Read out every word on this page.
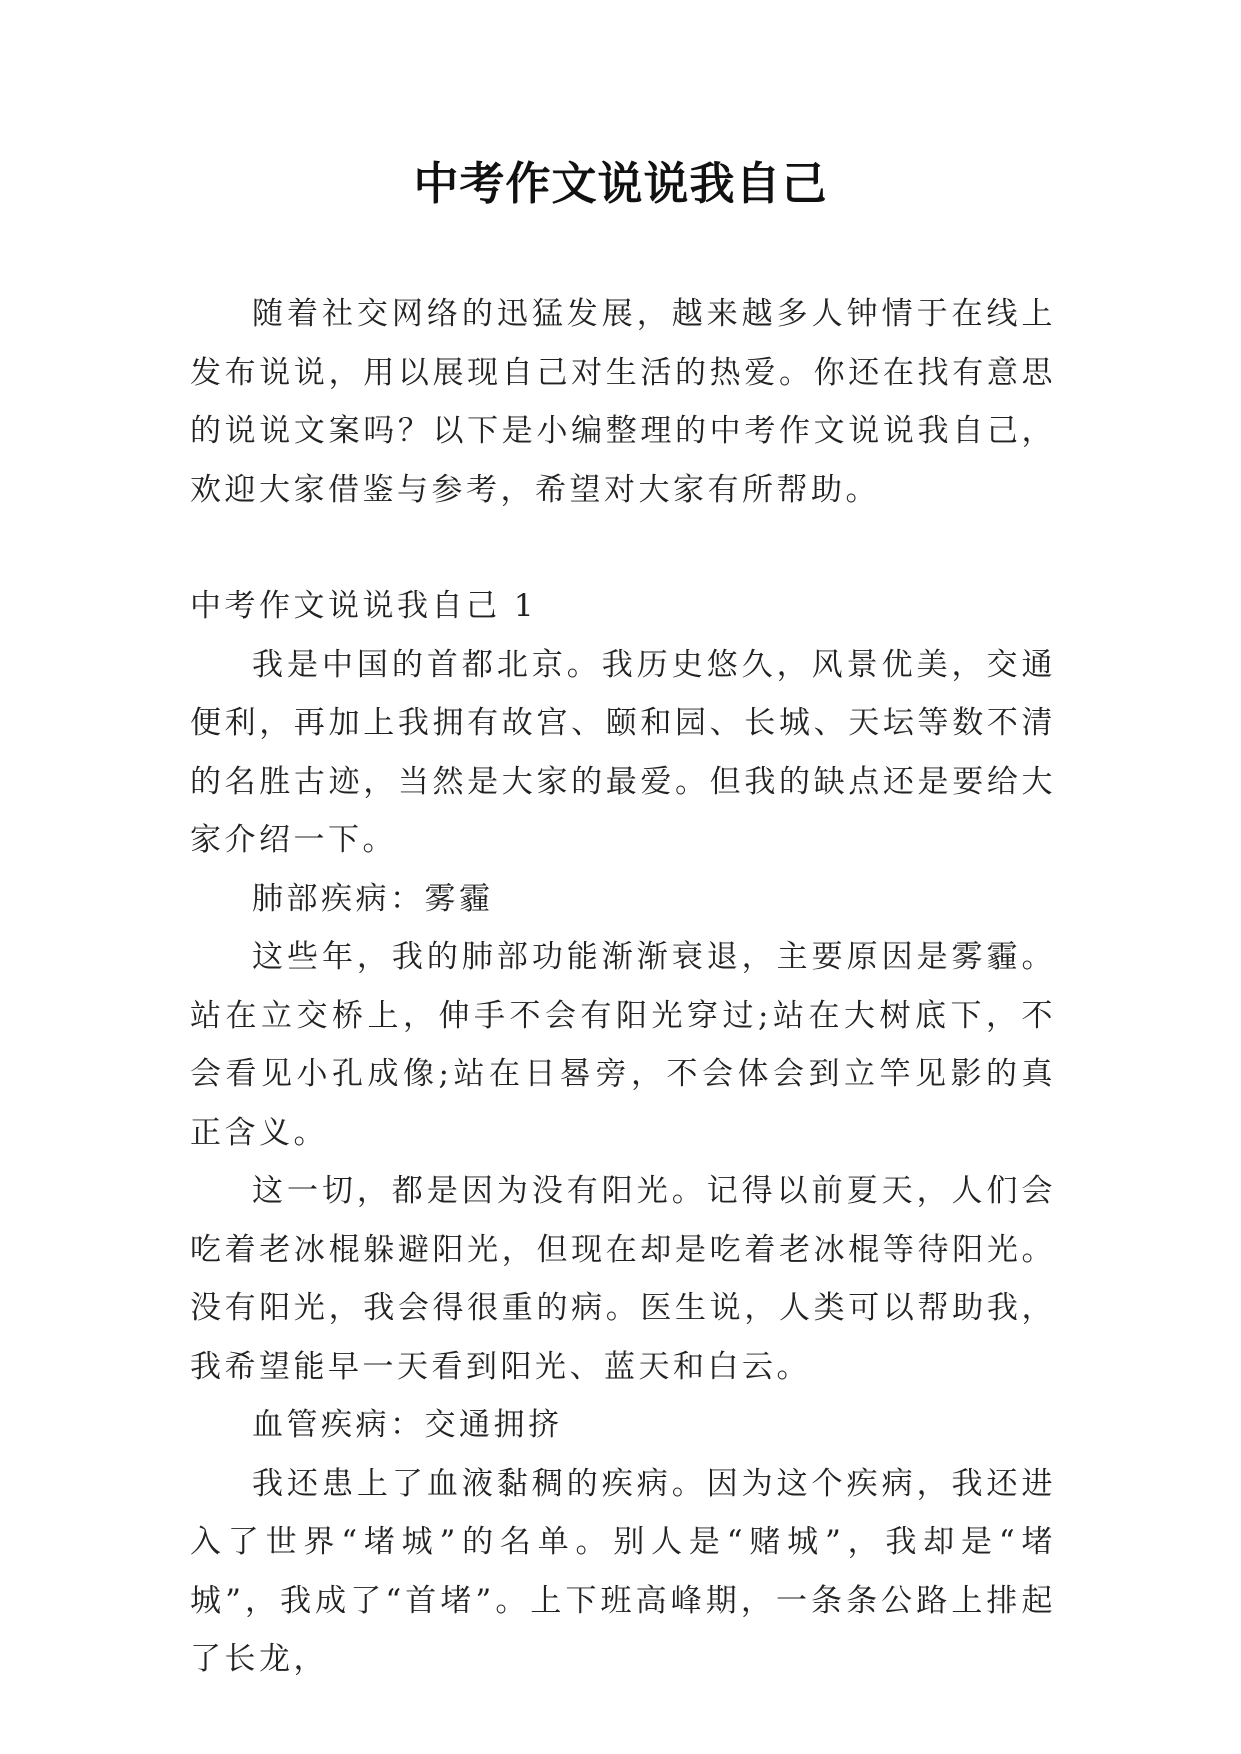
中考作文说说我自己

随着社交网络的迅猛发展，越来越多人钟情于在线上发布说说，用以展现自己对生活的热爱。你还在找有意思的说说文案吗？以下是小编整理的中考作文说说我自己，欢迎大家借鉴与参考，希望对大家有所帮助。

中考作文说说我自己 1

我是中国的首都北京。我历史悠久，风景优美，交通便利，再加上我拥有故宫、颐和园、长城、天坛等数不清的名胜古迹，当然是大家的最爱。但我的缺点还是要给大家介绍一下。

肺部疾病：雾霾

这些年，我的肺部功能渐渐衰退，主要原因是雾霾。站在立交桥上，伸手不会有阳光穿过;站在大树底下，不会看见小孔成像;站在日晷旁，不会体会到立竿见影的真正含义。

这一切，都是因为没有阳光。记得以前夏天，人们会吃着老冰棍躲避阳光，但现在却是吃着老冰棍等待阳光。没有阳光，我会得很重的病。医生说，人类可以帮助我，我希望能早一天看到阳光、蓝天和白云。

血管疾病：交通拥挤

我还患上了血液黏稠的疾病。因为这个疾病，我还进入了世界“堵城”的名单。别人是“赌城”，我却是“堵城”，我成了“首堵”。上下班高峰期，一条条公路上排起了长龙，
